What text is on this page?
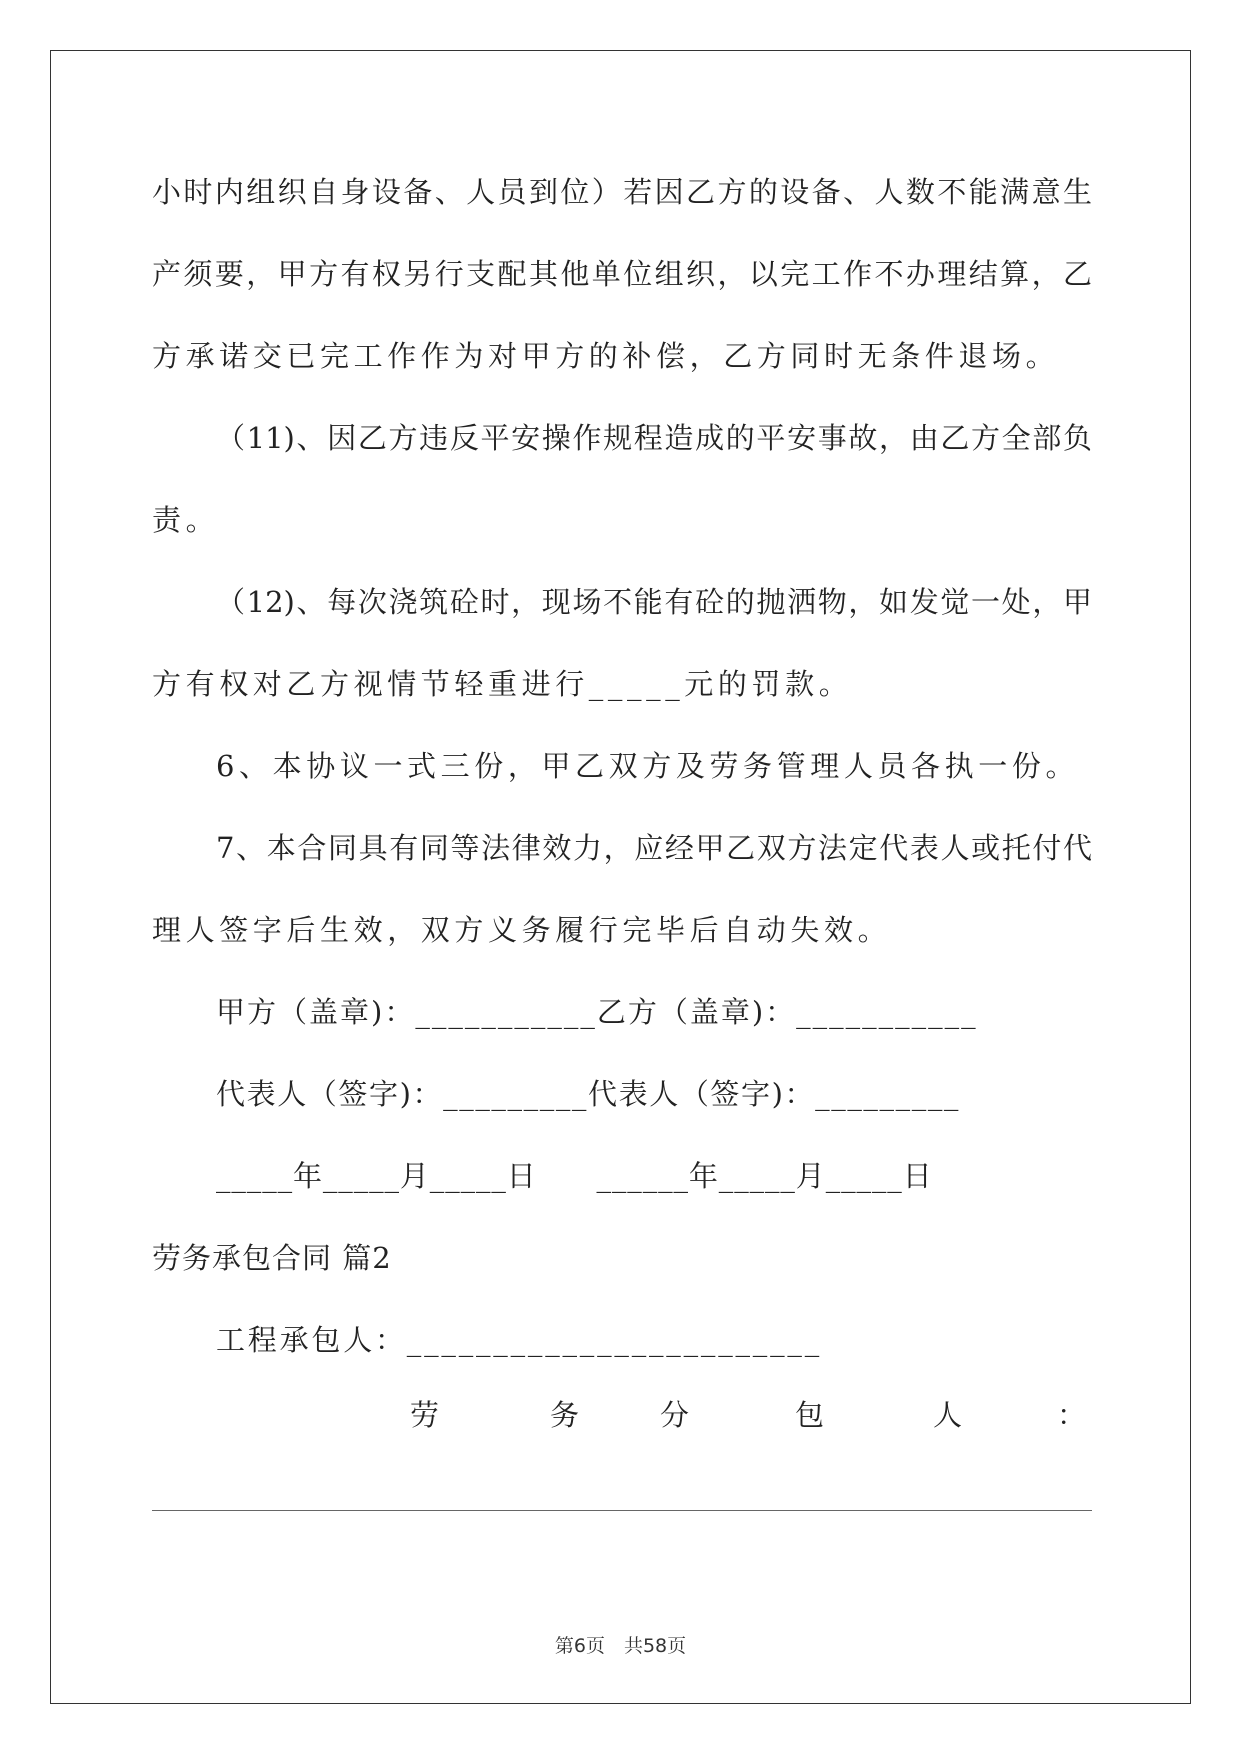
小时内组织自身设备、人员到位）若因乙方的设备、人数不能满意生
产须要，甲方有权另行支配其他单位组织，以完工作不办理结算，乙
方承诺交已完工作作为对甲方的补偿，乙方同时无条件退场。
（11)、因乙方违反平安操作规程造成的平安事故，由乙方全部负
责。
（12)、每次浇筑砼时，现场不能有砼的抛洒物，如发觉一处，甲
方有权对乙方视情节轻重进行_____元的罚款。
6、本协议一式三份，甲乙双方及劳务管理人员各执一份。
7、本合同具有同等法律效力，应经甲乙双方法定代表人或托付代
理人签字后生效，双方义务履行完毕后自动失效。
甲方（盖章)：___________乙方（盖章)：___________
代表人（签字)：_________代表人（签字)：_________
_____年_____月_____日　　______年_____月_____日
劳务承包合同 篇2
工程承包人：________________________
劳	务	分	包	人	：
第6页　共58页
